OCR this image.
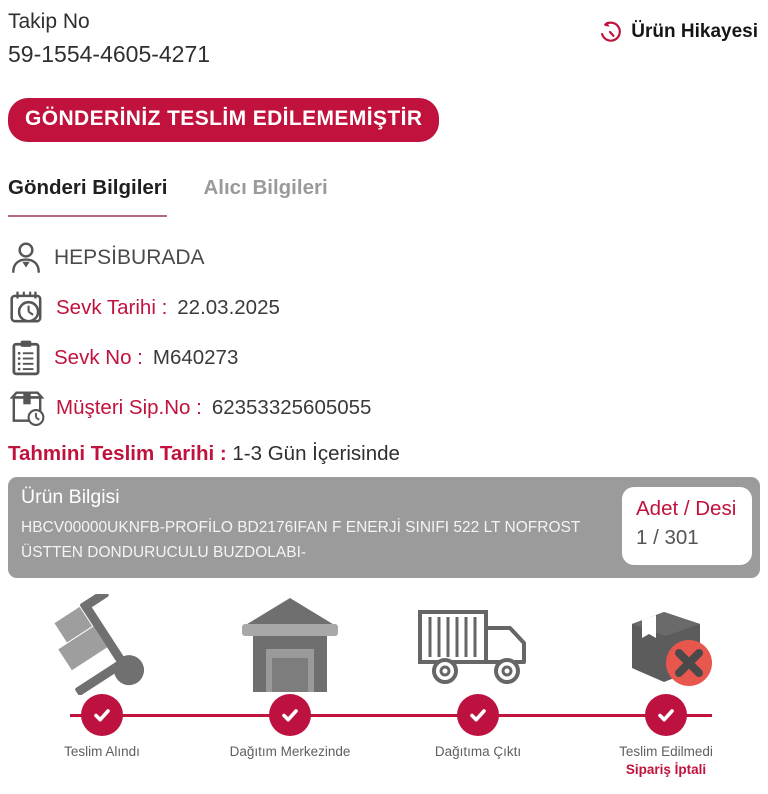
Takip No
59-1554-4605-4271
Ürün Hikayesi
GÖNDERİNİZ TESLİM EDİLEMEMİŞTİR
Gönderi Bilgileri Alıcı Bilgileri
HEPSİBURADA
Sevk Tarihi : 22.03.2025
Sevk No : M640273
Müşteri Sip.No : 62353325605055
Tahmini Teslim Tarihi : 1-3 Gün İçerisinde
Ürün Bilgisi
HBCV00000UKNFB-PROFİLO BD2176IFAN F ENERJİ SINIFI 522 LT NOFROST ÜSTTEN DONDURUCULU BUZDOLABI-
Adet / Desi
1 / 301
Teslim Alındı	Dağıtım Merkezinde	Dağıtıma Çıktı	Teslim Edilmedi
Sipariş İptali
